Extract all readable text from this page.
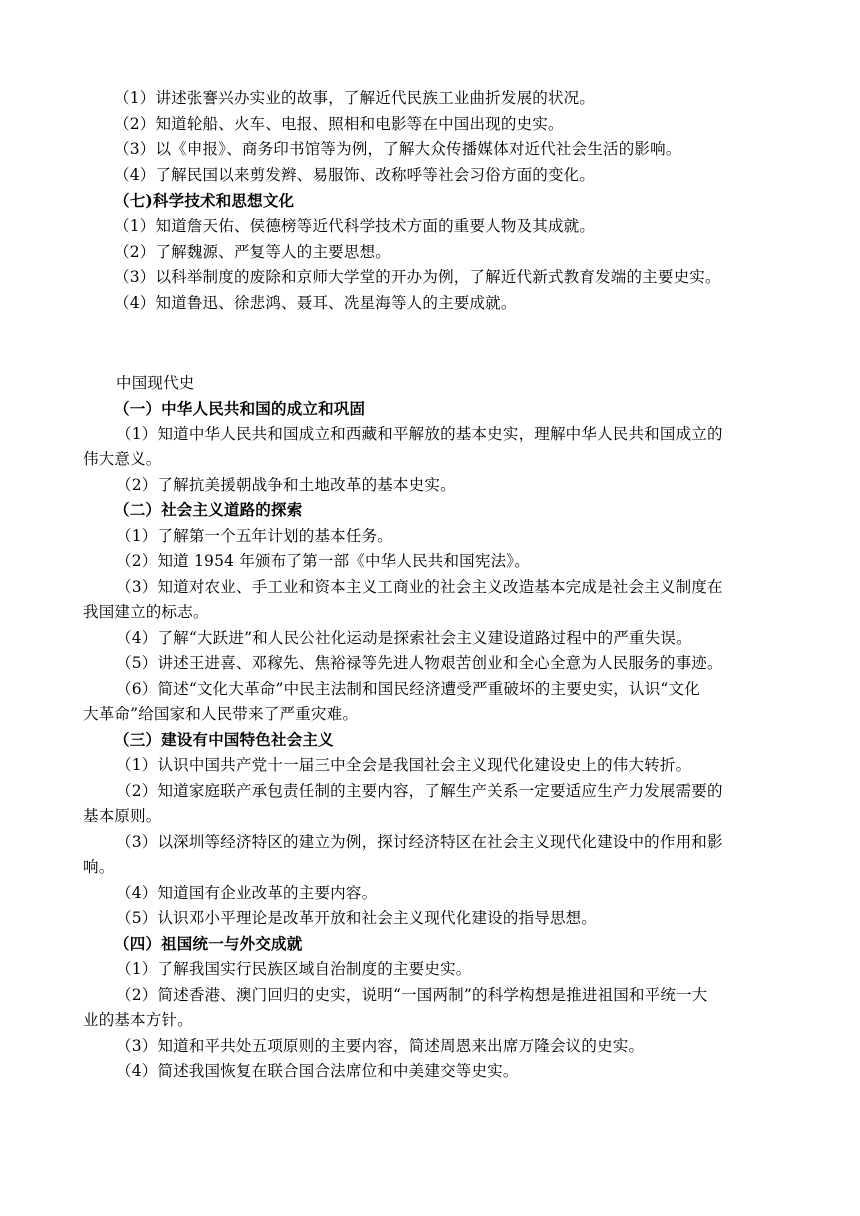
（1）讲述张謇兴办实业的故事，了解近代民族工业曲折发展的状况。
（2）知道轮船、火车、电报、照相和电影等在中国出现的史实。
（3）以《申报》、商务印书馆等为例，了解大众传播媒体对近代社会生活的影响。
（4）了解民国以来剪发辫、易服饰、改称呼等社会习俗方面的变化。
（七)科学技术和思想文化
（1）知道詹天佑、侯德榜等近代科学技术方面的重要人物及其成就。
（2）了解魏源、严复等人的主要思想。
（3）以科举制度的废除和京师大学堂的开办为例，了解近代新式教育发端的主要史实。
（4）知道鲁迅、徐悲鸿、聂耳、冼星海等人的主要成就。
中国现代史
（一）中华人民共和国的成立和巩固
（1）知道中华人民共和国成立和西藏和平解放的基本史实，理解中华人民共和国成立的
伟大意义。
（2）了解抗美援朝战争和土地改革的基本史实。
（二）社会主义道路的探索
（1）了解第一个五年计划的基本任务。
（2）知道 1954 年颁布了第一部《中华人民共和国宪法》。
（3）知道对农业、手工业和资本主义工商业的社会主义改造基本完成是社会主义制度在
我国建立的标志。
（4）了解“大跃进”和人民公社化运动是探索社会主义建设道路过程中的严重失误。
（5）讲述王进喜、邓稼先、焦裕禄等先进人物艰苦创业和全心全意为人民服务的事迹。
（6）简述“文化大革命”中民主法制和国民经济遭受严重破坏的主要史实，认识“文化
大革命”给国家和人民带来了严重灾难。
（三）建设有中国特色社会主义
（1）认识中国共产党十一届三中全会是我国社会主义现代化建设史上的伟大转折。
（2）知道家庭联产承包责任制的主要内容，了解生产关系一定要适应生产力发展需要的
基本原则。
（3）以深圳等经济特区的建立为例，探讨经济特区在社会主义现代化建设中的作用和影
响。
（4）知道国有企业改革的主要内容。
（5）认识邓小平理论是改革开放和社会主义现代化建设的指导思想。
（四）祖国统一与外交成就
（1）了解我国实行民族区域自治制度的主要史实。
（2）简述香港、澳门回归的史实，说明“一国两制”的科学构想是推进祖国和平统一大
业的基本方针。
（3）知道和平共处五项原则的主要内容，简述周恩来出席万隆会议的史实。
（4）简述我国恢复在联合国合法席位和中美建交等史实。
